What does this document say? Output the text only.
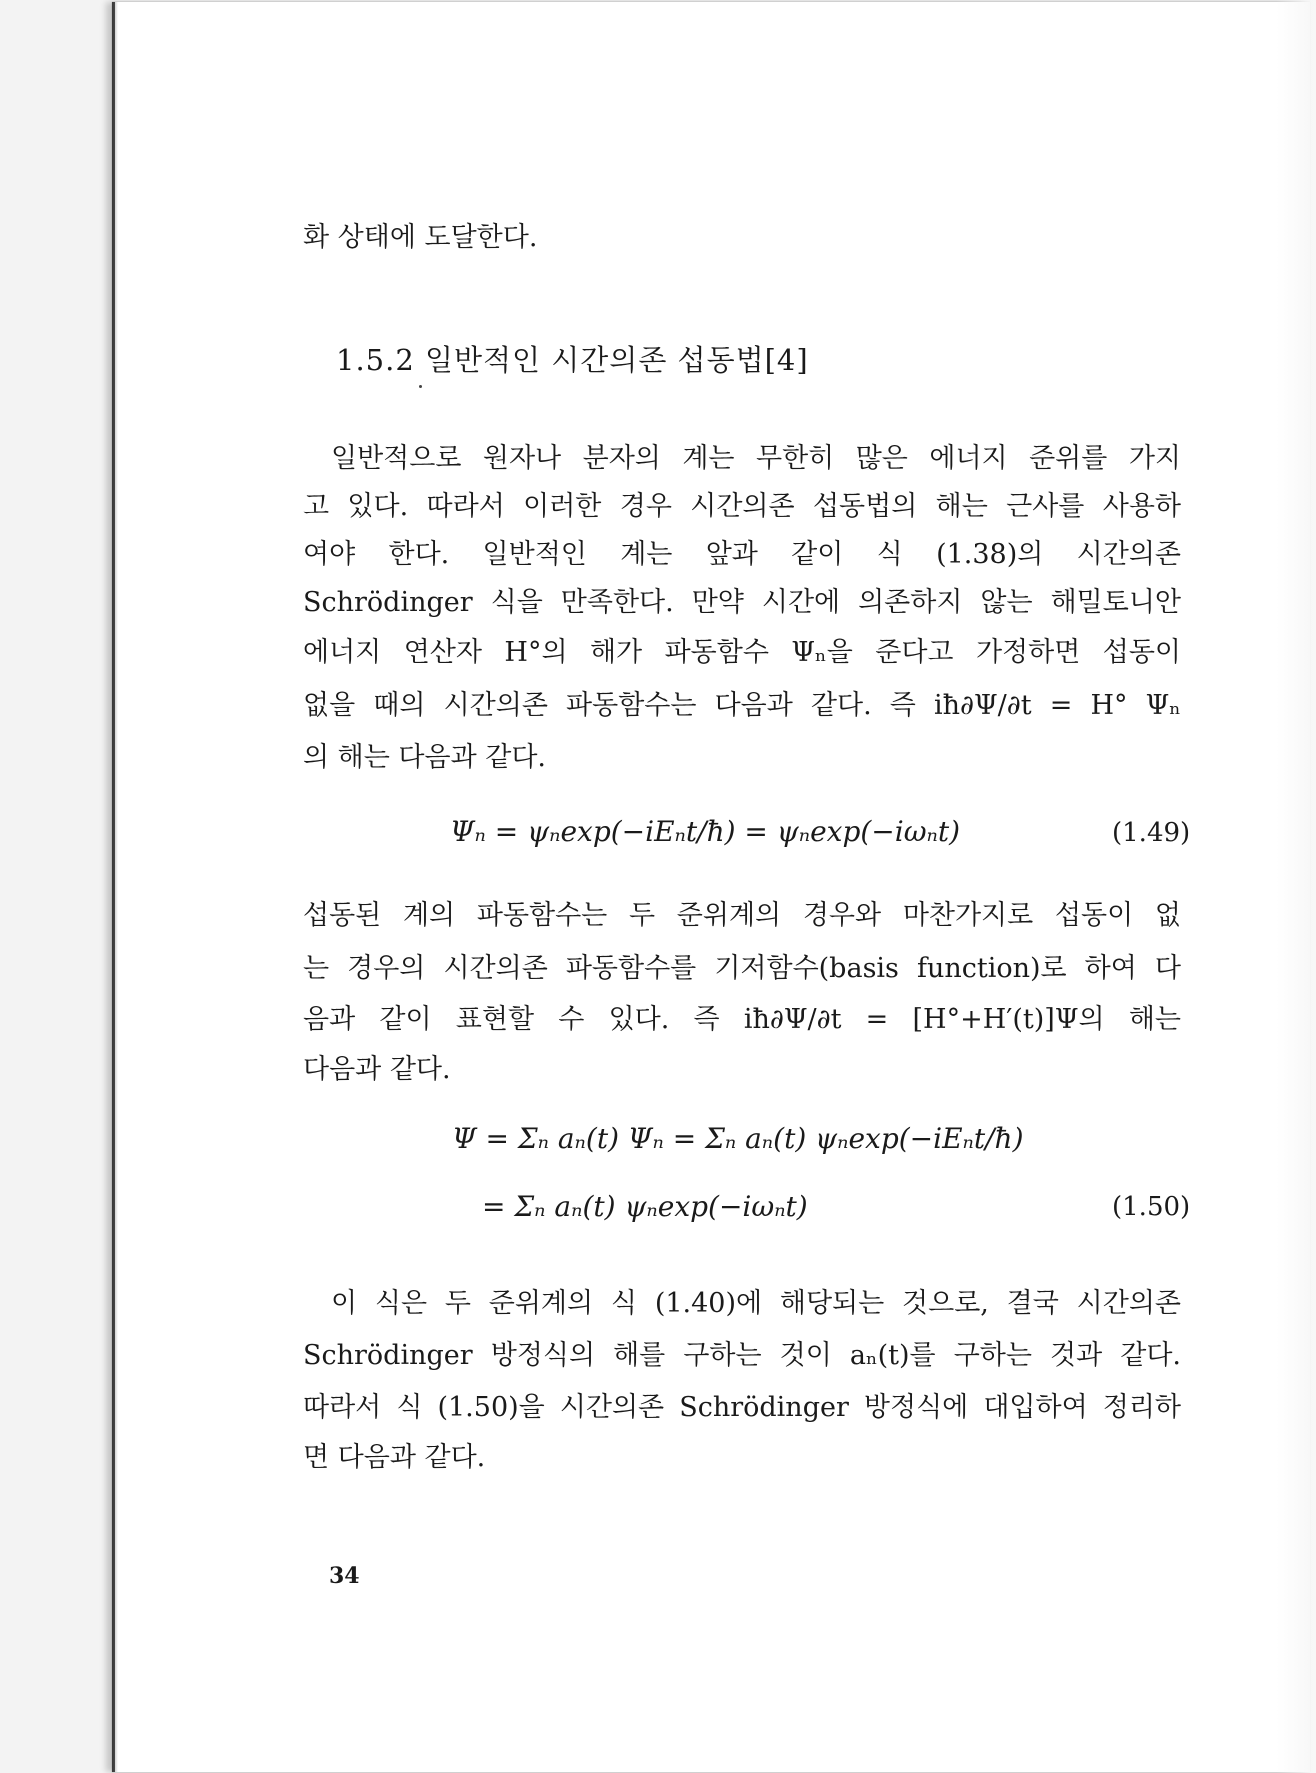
화 상태에 도달한다.
1.5.2 일반적인 시간의존 섭동법[4]
일반적으로 원자나 분자의 계는 무한히 많은 에너지 준위를 가지
고 있다. 따라서 이러한 경우 시간의존 섭동법의 해는 근사를 사용하
여야 한다. 일반적인 계는 앞과 같이 식 (1.38)의 시간의존
Schrödinger 식을 만족한다. 만약 시간에 의존하지 않는 해밀토니안
에너지 연산자 H°의 해가 파동함수 Ψₙ을 준다고 가정하면 섭동이
없을 때의 시간의존 파동함수는 다음과 같다. 즉 iħ∂Ψ/∂t = H° Ψₙ
의 해는 다음과 같다.
Ψₙ = ψₙexp(−iEₙt/ħ) = ψₙexp(−iωₙt)	(1.49)
섭동된 계의 파동함수는 두 준위계의 경우와 마찬가지로 섭동이 없
는 경우의 시간의존 파동함수를 기저함수(basis function)로 하여 다
음과 같이 표현할 수 있다. 즉 iħ∂Ψ/∂t = [H°+H′(t)]Ψ의 해는
다음과 같다.
Ψ = Σₙ aₙ(t) Ψₙ = Σₙ aₙ(t) ψₙexp(−iEₙt/ħ)
= Σₙ aₙ(t) ψₙexp(−iωₙt)	(1.50)
이 식은 두 준위계의 식 (1.40)에 해당되는 것으로, 결국 시간의존
Schrödinger 방정식의 해를 구하는 것이 aₙ(t)를 구하는 것과 같다.
따라서 식 (1.50)을 시간의존 Schrödinger 방정식에 대입하여 정리하
면 다음과 같다.
34
